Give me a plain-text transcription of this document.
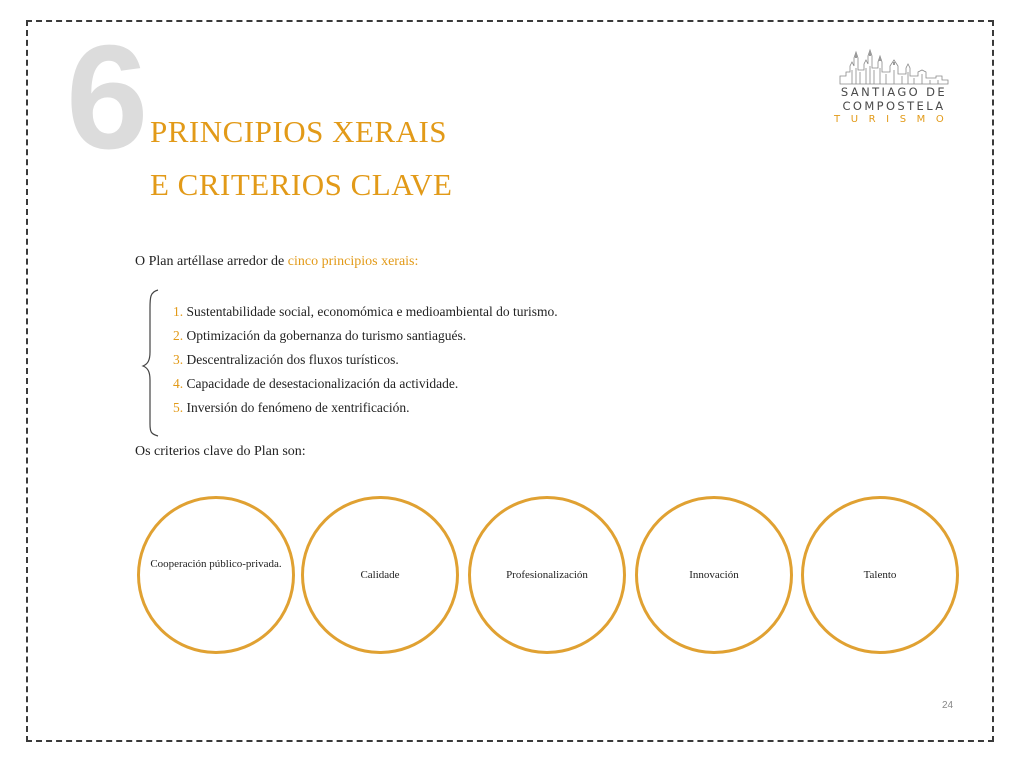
6 PRINCIPIOS XERAIS
E CRITERIOS CLAVE
SANTIAGO DE
COMPOSTELA
TURISMO
O Plan artéllase arredor de cinco principios xerais:
1. Sustentabilidade social, economómica e medioambiental do turismo.
2. Optimización da gobernanza do turismo santiagués.
3. Descentralización dos fluxos turísticos.
4. Capacidade de desestacionalización da actividade.
5. Inversión do fenómeno de xentrificación.
Os criterios clave do Plan son:
Cooperación público-privada.
Calidade	Profesionalización	Innovación	Talento
24
